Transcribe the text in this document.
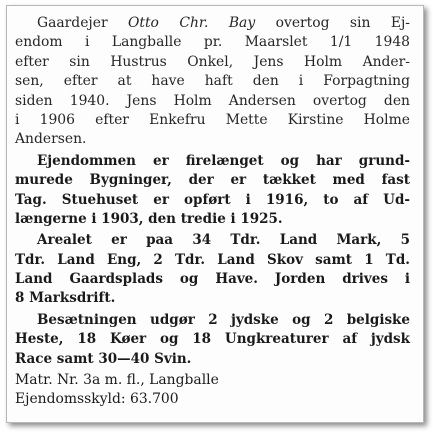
Gaardejer Otto Chr. Bay overtog sin Ej-
endom i Langballe pr. Maarslet 1/1 1948
efter sin Hustrus Onkel, Jens Holm Ander-
sen, efter at have haft den i Forpagtning
siden 1940. Jens Holm Andersen overtog den
i 1906 efter Enkefru Mette Kirstine Holme
Andersen.
Ejendommen er firelænget og har grund-
murede Bygninger, der er tækket med fast
Tag. Stuehuset er opført i 1916, to af Ud-
længerne i 1903, den tredie i 1925.
Arealet er paa 34 Tdr. Land Mark, 5
Tdr. Land Eng, 2 Tdr. Land Skov samt 1 Td.
Land Gaardsplads og Have. Jorden drives i
8 Marksdrift.
Besætningen udgør 2 jydske og 2 belgiske
Heste, 18 Køer og 18 Ungkreaturer af jydsk
Race samt 30—40 Svin.
Matr. Nr. 3a m. fl., Langballe
Ejendomsskyld: 63.700
